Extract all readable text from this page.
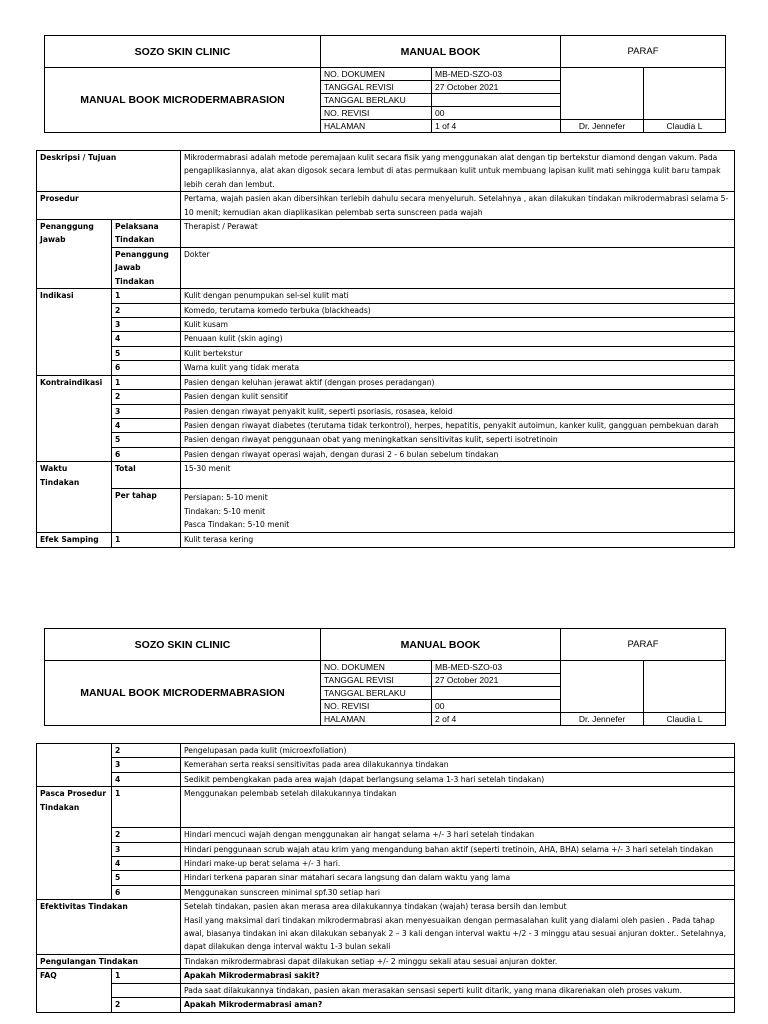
SOZO SKIN CLINIC	MANUAL BOOK		PARAF	
MANUAL BOOK MICRODERMABRASION	NO. DOKUMEN	MB-MED-SZO-03		
	TANGGAL REVISI	27 October 2021		
	TANGGAL BERLAKU			
	NO. REVISI	00		
	HALAMAN	1 of 4	Dr. Jennefer	Claudia L
Deskripsi / Tujuan		Mikrodermabrasi adalah metode peremajaan kulit secara fisik yang menggunakan alat dengan tip bertekstur diamond dengan vakum. Pada pengaplikasiannya, alat akan digosok secara lembut di atas permukaan kulit untuk membuang lapisan kulit mati sehingga kulit baru tampak lebih cerah dan lembut.
Prosedur		Pertama, wajah pasien akan dibersihkan terlebih dahulu secara menyeluruh. Setelahnya , akan dilakukan tindakan mikrodermabrasi selama 5-10 menit; kemudian akan diaplikasikan pelembab serta sunscreen pada wajah
Penanggung Jawab	Pelaksana Tindakan	Therapist / Perawat
	Penanggung Jawab Tindakan	Dokter
Indikasi	1	Kulit dengan penumpukan sel-sel kulit mati
	2	Komedo, terutama komedo terbuka (blackheads)
	3	Kulit kusam
	4	Penuaan kulit (skin aging)
	5	Kulit bertekstur
	6	Warna kulit yang tidak merata
Kontraindikasi	1	Pasien dengan keluhan jerawat aktif (dengan proses peradangan)
	2	Pasien dengan kulit sensitif
	3	Pasien dengan riwayat penyakit kulit, seperti psoriasis, rosasea, keloid
	4	Pasien dengan riwayat diabetes (terutama tidak terkontrol), herpes, hepatitis, penyakit autoimun, kanker kulit, gangguan pembekuan darah
	5	Pasien dengan riwayat penggunaan obat yang meningkatkan sensitivitas kulit, seperti isotretinoin
	6	Pasien dengan riwayat operasi wajah, dengan durasi 2 - 6 bulan sebelum tindakan
Waktu Tindakan	Total	15-30 menit
	Per tahap	Persiapan: 5-10 menit
Tindakan: 5-10 menit
Pasca Tindakan: 5-10 menit

Efek Samping	1	Kulit terasa kering
SOZO SKIN CLINIC	MANUAL BOOK		PARAF	
MANUAL BOOK MICRODERMABRASION	NO. DOKUMEN	MB-MED-SZO-03		
	TANGGAL REVISI	27 October 2021		
	TANGGAL BERLAKU			
	NO. REVISI	00		
	HALAMAN	2 of 4	Dr. Jennefer	Claudia L
	2	Pengelupasan pada kulit (microexfoliation)
	3	Kemerahan serta reaksi sensitivitas pada area dilakukannya tindakan
	4	Sedikit pembengkakan pada area wajah (dapat berlangsung selama 1-3 hari setelah tindakan)
Pasca Prosedur Tindakan	1	Menggunakan pelembab setelah dilakukannya tindakan
	2	Hindari mencuci wajah dengan menggunakan air hangat selama +/- 3 hari setelah tindakan
	3	Hindari penggunaan scrub wajah atau krim yang mengandung bahan aktif (seperti tretinoin, AHA, BHA) selama +/- 3 hari setelah tindakan
	4	Hindari make-up berat selama +/- 3 hari.
	5	Hindari terkena paparan sinar matahari secara langsung dan dalam waktu yang lama
	6	Menggunakan sunscreen minimal spf.30 setiap hari
Efektivitas Tindakan		Setelah tindakan, pasien akan merasa area dilakukannya tindakan (wajah) terasa bersih dan lembut
Hasil yang maksimal dari tindakan mikrodermabrasi akan menyesuaikan dengan permasalahan kulit yang dialami oleh pasien . Pada tahap awal, biasanya tindakan ini akan dilakukan sebanyak 2 – 3 kali dengan interval waktu +/2 - 3 minggu atau sesuai anjuran dokter.. Setelahnya, dapat dilakukan denga interval waktu 1-3 bulan sekali

Pengulangan Tindakan		Tindakan mikrodermabrasi dapat dilakukan setiap +/- 2 minggu sekali atau sesuai anjuran dokter.
FAQ	1	Apakah Mikrodermabrasi sakit?
		Pada saat dilakukannya tindakan, pasien akan merasakan sensasi seperti kulit ditarik, yang mana dikarenakan oleh proses vakum.
	2	Apakah Mikrodermabrasi aman?
